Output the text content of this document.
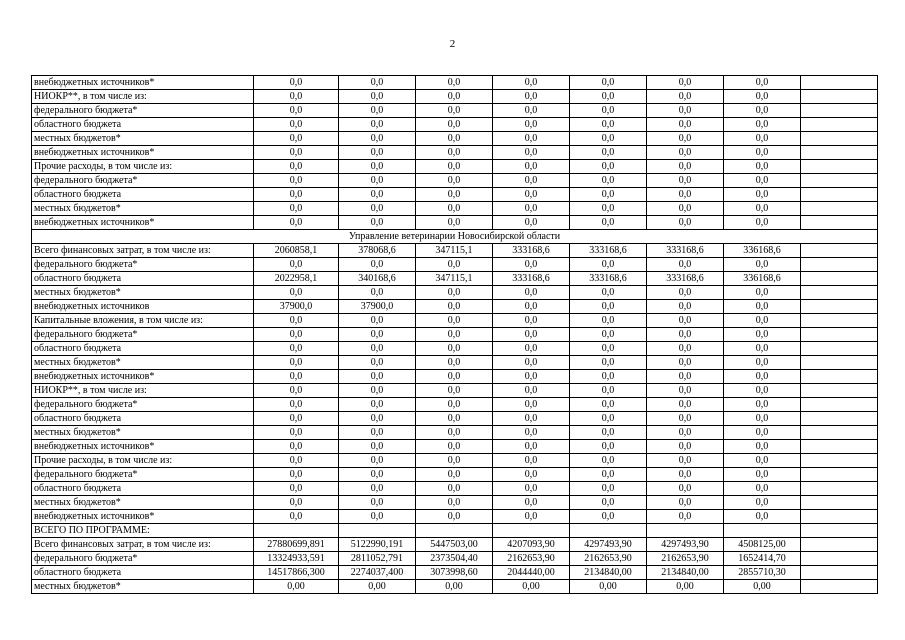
2
внебюджетных источников*	0,0	0,0	0,0	0,0	0,0	0,0	0,0	
НИОКР**, в том числе из:	0,0	0,0	0,0	0,0	0,0	0,0	0,0	
федерального бюджета*	0,0	0,0	0,0	0,0	0,0	0,0	0,0	
областного бюджета	0,0	0,0	0,0	0,0	0,0	0,0	0,0	
местных бюджетов*	0,0	0,0	0,0	0,0	0,0	0,0	0,0	
внебюджетных источников*	0,0	0,0	0,0	0,0	0,0	0,0	0,0	
Прочие расходы, в том числе из:	0,0	0,0	0,0	0,0	0,0	0,0	0,0	
федерального бюджета*	0,0	0,0	0,0	0,0	0,0	0,0	0,0	
областного бюджета	0,0	0,0	0,0	0,0	0,0	0,0	0,0	
местных бюджетов*	0,0	0,0	0,0	0,0	0,0	0,0	0,0	
внебюджетных источников*	0,0	0,0	0,0	0,0	0,0	0,0	0,0	
Управление ветеринарии Новосибирской области								
Всего финансовых затрат, в том числе из:	2060858,1	378068,6	347115,1	333168,6	333168,6	333168,6	336168,6	
федерального бюджета*	0,0	0,0	0,0	0,0	0,0	0,0	0,0	
областного бюджета	2022958,1	340168,6	347115,1	333168,6	333168,6	333168,6	336168,6	
местных бюджетов*	0,0	0,0	0,0	0,0	0,0	0,0	0,0	
внебюджетных источников	37900,0	37900,0	0,0	0,0	0,0	0,0	0,0	
Капитальные вложения, в том числе из:	0,0	0,0	0,0	0,0	0,0	0,0	0,0	
федерального бюджета*	0,0	0,0	0,0	0,0	0,0	0,0	0,0	
областного бюджета	0,0	0,0	0,0	0,0	0,0	0,0	0,0	
местных бюджетов*	0,0	0,0	0,0	0,0	0,0	0,0	0,0	
внебюджетных источников*	0,0	0,0	0,0	0,0	0,0	0,0	0,0	
НИОКР**, в том числе из:	0,0	0,0	0,0	0,0	0,0	0,0	0,0	
федерального бюджета*	0,0	0,0	0,0	0,0	0,0	0,0	0,0	
областного бюджета	0,0	0,0	0,0	0,0	0,0	0,0	0,0	
местных бюджетов*	0,0	0,0	0,0	0,0	0,0	0,0	0,0	
внебюджетных источников*	0,0	0,0	0,0	0,0	0,0	0,0	0,0	
Прочие расходы, в том числе из:	0,0	0,0	0,0	0,0	0,0	0,0	0,0	
федерального бюджета*	0,0	0,0	0,0	0,0	0,0	0,0	0,0	
областного бюджета	0,0	0,0	0,0	0,0	0,0	0,0	0,0	
местных бюджетов*	0,0	0,0	0,0	0,0	0,0	0,0	0,0	
внебюджетных источников*	0,0	0,0	0,0	0,0	0,0	0,0	0,0	
ВСЕГО ПО ПРОГРАММЕ:								
Всего финансовых затрат, в том числе из:	27880699,891	5122990,191	5447503,00	4207093,90	4297493,90	4297493,90	4508125,00	
федерального бюджета*	13324933,591	2811052,791	2373504,40	2162653,90	2162653,90	2162653,90	1652414,70	
областного бюджета	14517866,300	2274037,400	3073998,60	2044440,00	2134840,00	2134840,00	2855710,30	
местных бюджетов*	0,00	0,00	0,00	0,00	0,00	0,00	0,00	
